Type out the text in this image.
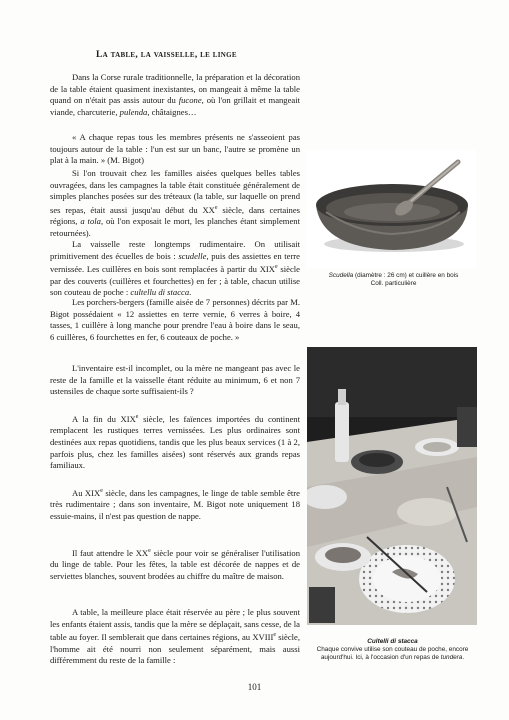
La table, la vaisselle, le linge

Dans la Corse rurale traditionnelle, la préparation et la décoration de la table étaient quasiment inexistantes, on mangeait à même la table quand on n'était pas assis autour du fucone, où l'on grillait et mangeait viande, charcuterie, pulenda, châtaignes…

« A chaque repas tous les membres présents ne s'asseoient pas toujours autour de la table : l'un est sur un banc, l'autre se promène un plat à la main. » (M. Bigot)

Si l'on trouvait chez les familles aisées quelques belles tables ouvragées, dans les campagnes la table était constituée généralement de simples planches posées sur des tréteaux (la table, sur laquelle on prend ses repas, était aussi jusqu'au début du XXe siècle, dans certaines régions, a tola, où l'on exposait le mort, les planches étant simplement retournées).

La vaisselle reste longtemps rudimentaire. On utilisait primitivement des écuelles de bois : scudelle, puis des assiettes en terre vernissée. Les cuillères en bois sont remplacées à partir du XIXe siècle par des couverts (cuillères et fourchettes) en fer ; à table, chacun utilise son couteau de poche : cultellu di stacca.

Les porchers-bergers (famille aisée de 7 personnes) décrits par M. Bigot possédaient « 12 assiettes en terre vernie, 6 verres à boire, 4 tasses, 1 cuillère à long manche pour prendre l'eau à boire dans le seau, 6 cuillères, 6 fourchettes en fer, 6 couteaux de poche. »

L'inventaire est-il incomplet, ou la mère ne mangeant pas avec le reste de la famille et la vaisselle étant réduite au minimum, 6 et non 7 ustensiles de chaque sorte suffisaient-ils ?

A la fin du XIXe siècle, les faïences importées du continent remplacent les rustiques terres vernissées. Les plus ordinaires sont destinées aux repas quotidiens, tandis que les plus beaux services (1 à 2, parfois plus, chez les familles aisées) sont réservés aux grands repas familiaux.

Au XIXe siècle, dans les campagnes, le linge de table semble être très rudimentaire ; dans son inventaire, M. Bigot note uniquement 18 essuie-mains, il n'est pas question de nappe.

Il faut attendre le XXe siècle pour voir se généraliser l'utilisation du linge de table. Pour les fêtes, la table est décorée de nappes et de serviettes blanches, souvent brodées au chiffre du maître de maison.

A table, la meilleure place était réservée au père ; le plus souvent les enfants étaient assis, tandis que la mère se déplaçait, sans cesse, de la table au foyer. Il semblerait que dans certaines régions, au XVIIIe siècle, l'homme ait été nourri non seulement séparément, mais aussi différemment du reste de la famille :

Scudella (diamètre : 26 cm) et cuillère en bois
Coll. particulière
Cultelli di stacca
Chaque convive utilise son couteau de poche, encore
aujourd'hui. Ici, à l'occasion d'un repas de tundera.
101
